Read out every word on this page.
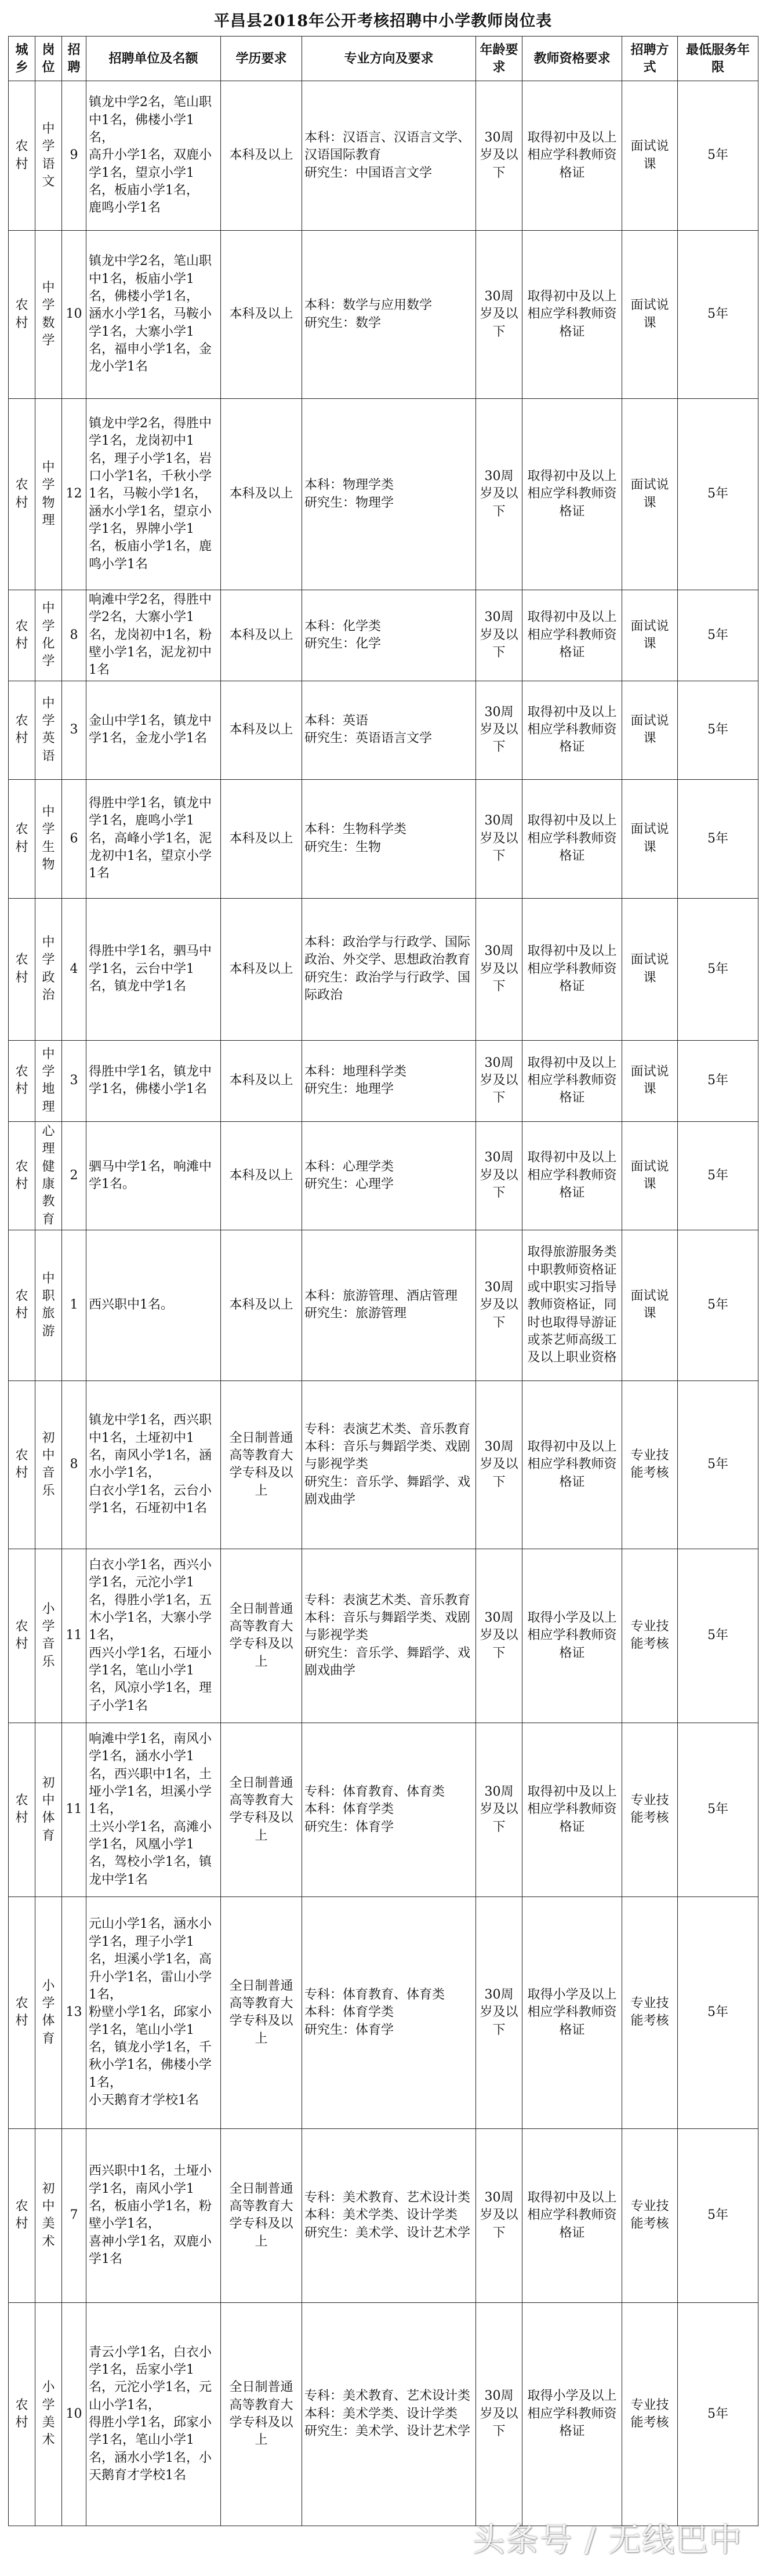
平昌县2018年公开考核招聘中小学教师岗位表
城乡	岗位	招聘	招聘单位及名额	学历要求	专业方向及要求	年龄要求	教师资格要求	招聘方式	最低服务年限
农村	中学语文	9	镇龙中学2名，笔山职中1名，佛楼小学1名，
高升小学1名，双鹿小学1名，望京小学1名，板庙小学1名，
鹿鸣小学1名	本科及以上	本科：汉语言、汉语言文学、汉语国际教育
研究生：中国语言文学	30周岁及以下	取得初中及以上相应学科教师资格证	面试说课	5年
农村	中学数学	10	镇龙中学2名，笔山职中1名，板庙小学1名，佛楼小学1名，
涵水小学1名，马鞍小学1名，大寨小学1名，福申小学1名，金龙小学1名	本科及以上	本科：数学与应用数学
研究生：数学	30周岁及以下	取得初中及以上相应学科教师资格证	面试说课	5年
农村	中学物理	12	镇龙中学2名，得胜中学1名，龙岗初中1名，理子小学1名，岩口小学1名，千秋小学1名，马鞍小学1名，
涵水小学1名，望京小学1名，界牌小学1名，板庙小学1名，鹿鸣小学1名	本科及以上	本科：物理学类
研究生：物理学	30周岁及以下	取得初中及以上相应学科教师资格证	面试说课	5年
农村	中学化学	8	响滩中学2名，得胜中学2名，大寨小学1名，龙岗初中1名，粉壁小学1名，泥龙初中1名	本科及以上	本科：化学类
研究生：化学	30周岁及以下	取得初中及以上相应学科教师资格证	面试说课	5年
农村	中学英语	3	金山中学1名，镇龙中学1名，金龙小学1名	本科及以上	本科：英语
研究生：英语语言文学	30周岁及以下	取得初中及以上相应学科教师资格证	面试说课	5年
农村	中学生物	6	得胜中学1名，镇龙中学1名，鹿鸣小学1名，高峰小学1名，泥龙初中1名，望京小学1名	本科及以上	本科：生物科学类
研究生：生物	30周岁及以下	取得初中及以上相应学科教师资格证	面试说课	5年
农村	中学政治	4	得胜中学1名，驷马中学1名，云台中学1名，镇龙中学1名	本科及以上	本科：政治学与行政学、国际政治、外交学、思想政治教育
研究生：政治学与行政学、国际政治	30周岁及以下	取得初中及以上相应学科教师资格证	面试说课	5年
农村	中学地理	3	得胜中学1名，镇龙中学1名，佛楼小学1名	本科及以上	本科：地理科学类
研究生：地理学	30周岁及以下	取得初中及以上相应学科教师资格证	面试说课	5年
农村	心理健康教育	2	驷马中学1名，响滩中学1名。	本科及以上	本科：心理学类
研究生：心理学	30周岁及以下	取得初中及以上相应学科教师资格证	面试说课	5年
农村	中职旅游	1	西兴职中1名。	本科及以上	本科：旅游管理、酒店管理
研究生：旅游管理	30周岁及以下	取得旅游服务类中职教师资格证或中职实习指导教师资格证，同时也取得导游证或茶艺师高级工及以上职业资格	面试说课	5年
农村	初中音乐	8	镇龙中学1名，西兴职中1名，土垭初中1名，南风小学1名，涵水小学1名，
白衣小学1名，云台小学1名，石垭初中1名	全日制普通高等教育大学专科及以上	专科：表演艺术类、音乐教育
本科：音乐与舞蹈学类、戏剧与影视学类
研究生：音乐学、舞蹈学、戏剧戏曲学	30周岁及以下	取得初中及以上相应学科教师资格证	专业技能考核	5年
农村	小学音乐	11	白衣小学1名，西兴小学1名，元沱小学1名，得胜小学1名，五木小学1名，大寨小学1名，
西兴小学1名，石垭小学1名，笔山小学1名，风凉小学1名，理子小学1名	全日制普通高等教育大学专科及以上	专科：表演艺术类、音乐教育
本科：音乐与舞蹈学类、戏剧与影视学类
研究生：音乐学、舞蹈学、戏剧戏曲学	30周岁及以下	取得小学及以上相应学科教师资格证	专业技能考核	5年
农村	初中体育	11	响滩中学1名，南风小学1名，涵水小学1名，西兴职中1名，土垭小学1名，坦溪小学1名，
土兴小学1名，高滩小学1名，风凰小学1名，驾校小学1名，镇龙中学1名	全日制普通高等教育大学专科及以上	专科：体育教育、体育类
本科：体育学类
研究生：体育学	30周岁及以下	取得初中及以上相应学科教师资格证	专业技能考核	5年
农村	小学体育	13	元山小学1名，涵水小学1名，理子小学1名，坦溪小学1名，高升小学1名，雷山小学1名，
粉壁小学1名，邱家小学1名，笔山小学1名，镇龙小学1名，千秋小学1名，佛楼小学1名，
小天鹅育才学校1名	全日制普通高等教育大学专科及以上	专科：体育教育、体育类
本科：体育学类
研究生：体育学	30周岁及以下	取得小学及以上相应学科教师资格证	专业技能考核	5年
农村	初中美术	7	西兴职中1名，土垭小学1名，南风小学1名，板庙小学1名，粉壁小学1名，
喜神小学1名，双鹿小学1名	全日制普通高等教育大学专科及以上	专科：美术教育、艺术设计类
本科：美术学类、设计学类
研究生：美术学、设计艺术学	30周岁及以下	取得初中及以上相应学科教师资格证	专业技能考核	5年
农村	小学美术	10	青云小学1名，白衣小学1名，岳家小学1名，元沱小学1名，元山小学1名，
得胜小学1名，邱家小学1名，笔山小学1名，涵水小学1名，小天鹅育才学校1名	全日制普通高等教育大学专科及以上	专科：美术教育、艺术设计类
本科：美术学类、设计学类
研究生：美术学、设计艺术学	30周岁及以下	取得小学及以上相应学科教师资格证	专业技能考核	5年
头条号 / 无线巴中
